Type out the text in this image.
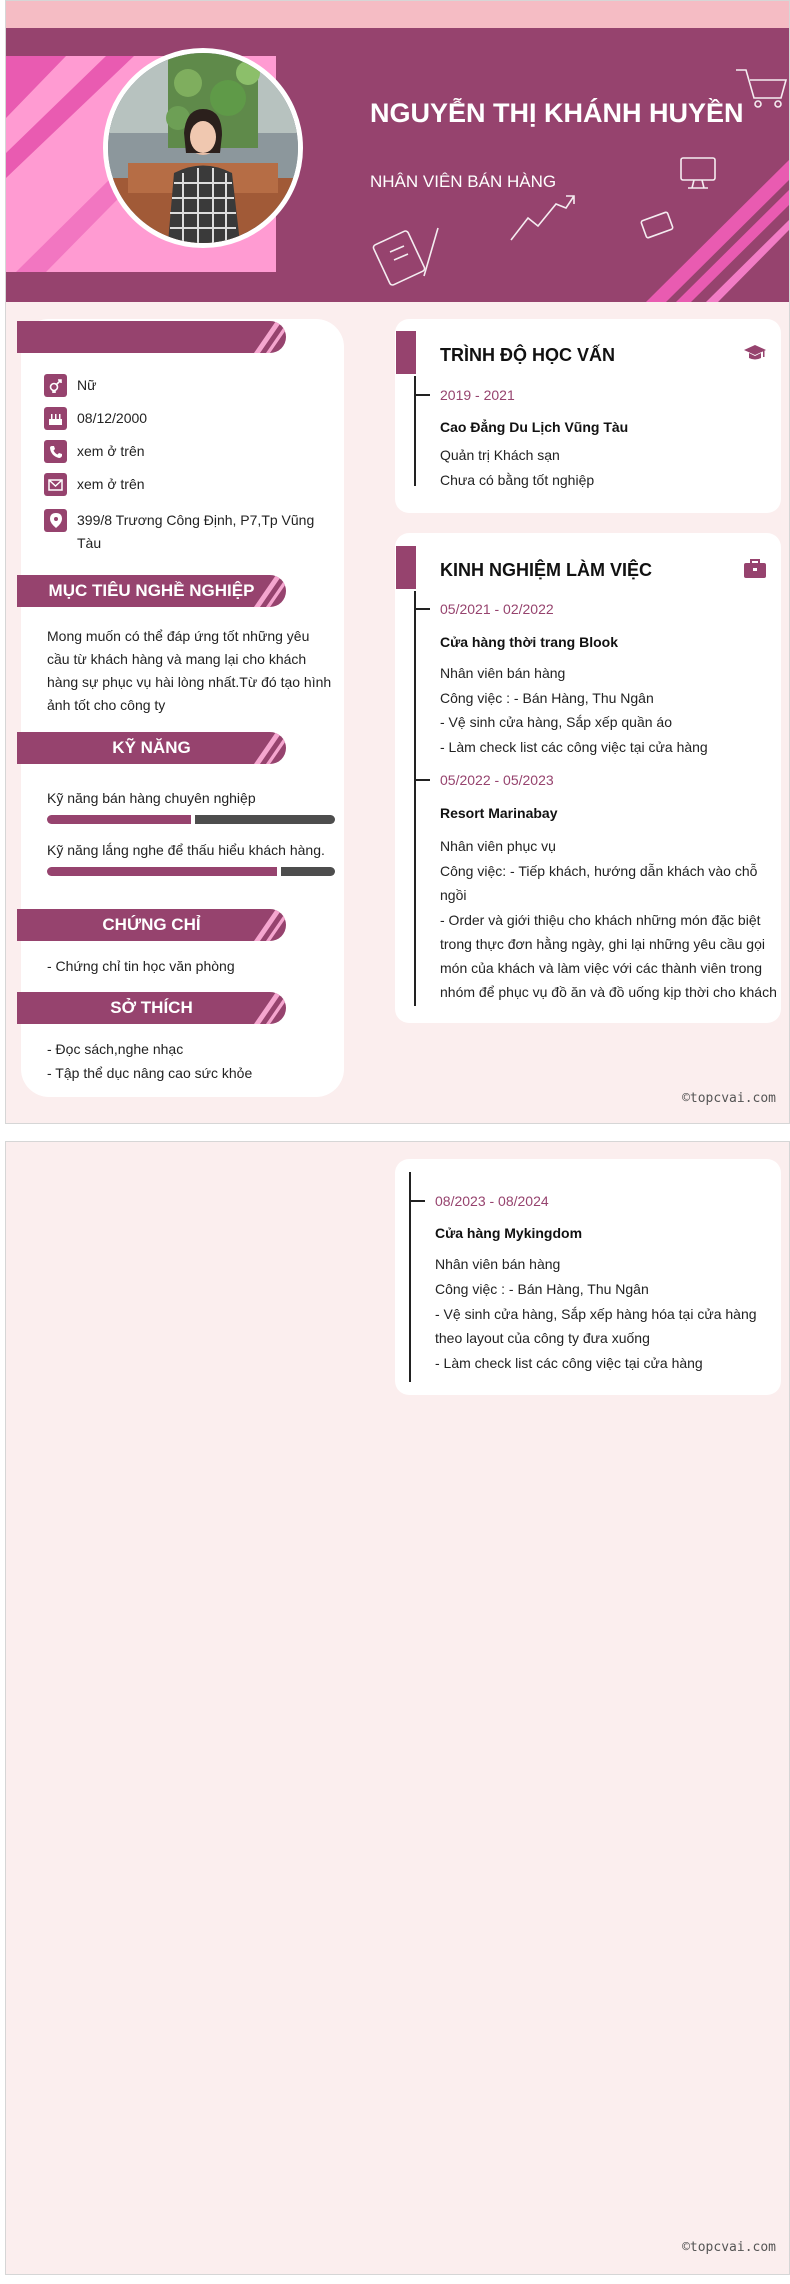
NGUYỄN THỊ KHÁNH HUYỀN
NHÂN VIÊN BÁN HÀNG
Nữ
08/12/2000
xem ở trên
xem ở trên
399/8 Trương Công Định, P7,Tp Vũng Tàu
MỤC TIÊU NGHỀ NGHIỆP
Mong muốn có thể đáp ứng tốt những yêu cầu từ khách hàng và mang lại cho khách hàng sự phục vụ hài lòng nhất.Từ đó tạo hình ảnh tốt cho công ty
KỸ NĂNG
Kỹ năng bán hàng chuyên nghiệp
Kỹ năng lắng nghe để thấu hiểu khách hàng.
CHỨNG CHỈ
- Chứng chỉ tin học văn phòng
SỞ THÍCH
- Đọc sách,nghe nhạc
- Tập thể dục nâng cao sức khỏe
TRÌNH ĐỘ HỌC VẤN
2019 - 2021
Cao Đẳng Du Lịch Vũng Tàu
Quản trị Khách sạn
Chưa có bằng tốt nghiệp
KINH NGHIỆM LÀM VIỆC
05/2021 - 02/2022
Cửa hàng thời trang Blook
Nhân viên bán hàng
Công việc : - Bán Hàng, Thu Ngân
- Vệ sinh cửa hàng, Sắp xếp quần áo
- Làm check list các công việc tại cửa hàng
05/2022 - 05/2023
Resort Marinabay
Nhân viên phục vụ
Công việc: - Tiếp khách, hướng dẫn khách vào chỗ ngồi
- Order và giới thiệu cho khách những món đặc biệt trong thực đơn hằng ngày, ghi lại những yêu cầu gọi món của khách và làm việc với các thành viên trong nhóm để phục vụ đồ ăn và đồ uống kịp thời cho khách
©topcvai.com
08/2023 - 08/2024
Cửa hàng Mykingdom
Nhân viên bán hàng
Công việc : - Bán Hàng, Thu Ngân
- Vệ sinh cửa hàng, Sắp xếp hàng hóa tại cửa hàng theo layout của công ty đưa xuống
- Làm check list các công việc tại cửa hàng
©topcvai.com
